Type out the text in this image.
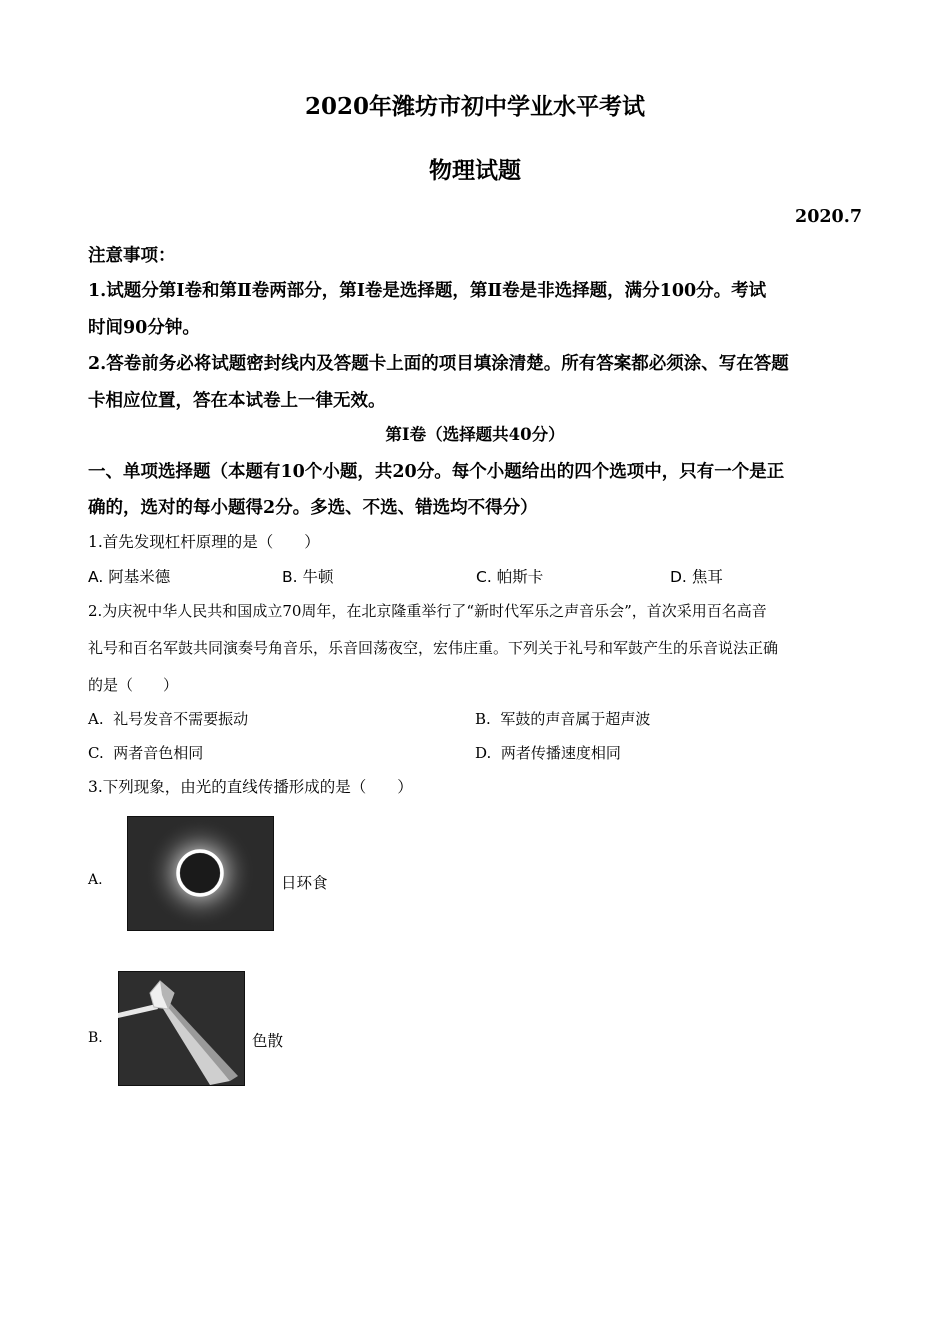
2020年潍坊市初中学业水平考试
物理试题
2020.7
注意事项：
1.试题分第Ⅰ卷和第Ⅱ卷两部分，第Ⅰ卷是选择题，第Ⅱ卷是非选择题，满分100分。考试
时间90分钟。
2.答卷前务必将试题密封线内及答题卡上面的项目填涂清楚。所有答案都必须涂、写在答题
卡相应位置，答在本试卷上一律无效。
第Ⅰ卷（选择题共40分）
一、单项选择题（本题有10个小题，共20分。每个小题给出的四个选项中，只有一个是正
确的，选对的每小题得2分。多选、不选、错选均不得分）
1.首先发现杠杆原理的是（　　）
A. 阿基米德	B. 牛顿	C. 帕斯卡	D. 焦耳
2.为庆祝中华人民共和国成立70周年，在北京隆重举行了“新时代军乐之声音乐会”，首次采用百名高音
礼号和百名军鼓共同演奏号角音乐，乐音回荡夜空，宏伟庄重。下列关于礼号和军鼓产生的乐音说法正确
的是（　　）
A. 礼号发音不需要振动	B. 军鼓的声音属于超声波
C. 两者音色相同	D. 两者传播速度相同
3.下列现象，由光的直线传播形成的是（　　）
A.	日环食
B.	色散
